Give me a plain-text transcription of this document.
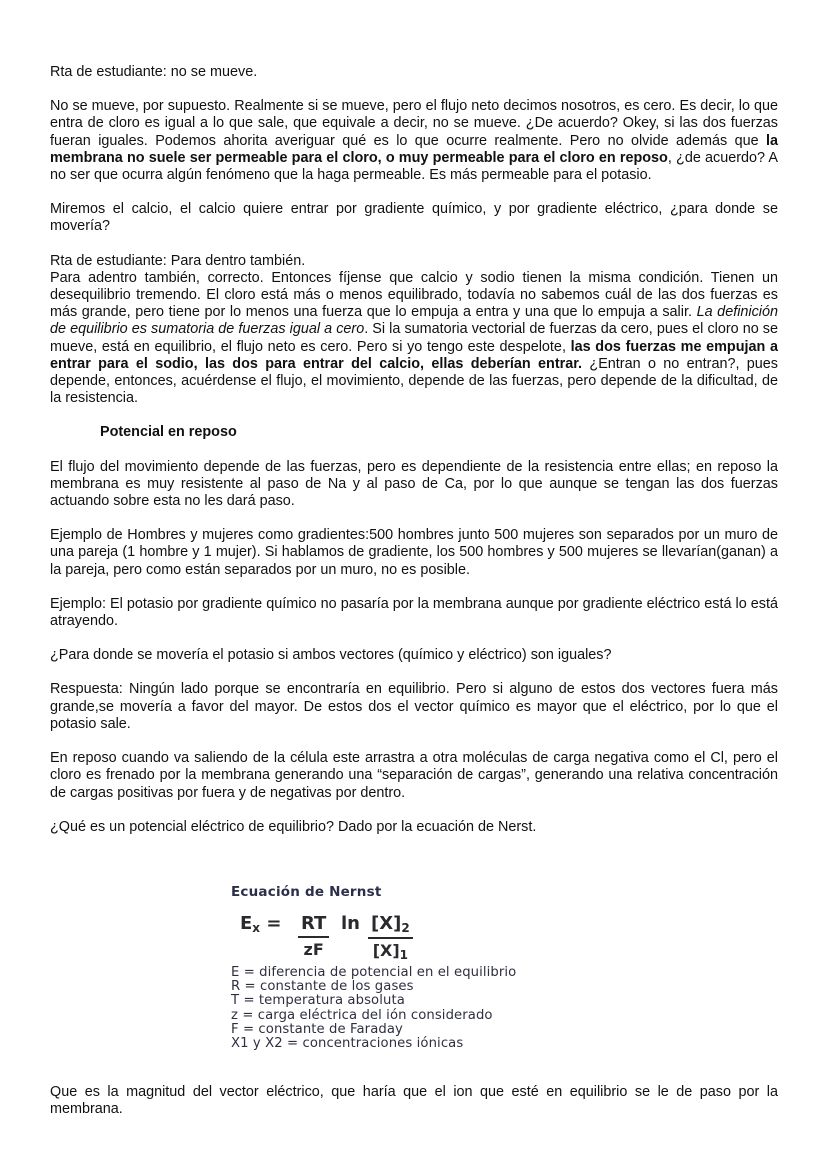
Rta de estudiante: no se mueve.

No se mueve, por supuesto. Realmente si se mueve, pero el flujo neto decimos nosotros, es cero. Es decir, lo que entra de cloro es igual a lo que sale, que equivale a decir, no se mueve. ¿De acuerdo? Okey, si las dos fuerzas fueran iguales. Podemos ahorita averiguar qué es lo que ocurre realmente. Pero no olvide además que la membrana no suele ser permeable para el cloro, o muy permeable para el cloro en reposo, ¿de acuerdo? A no ser que ocurra algún fenómeno que la haga permeable. Es más permeable para el potasio.

Miremos el calcio, el calcio quiere entrar por gradiente químico, y por gradiente eléctrico, ¿para donde se movería?

Rta de estudiante: Para dentro también.

Para adentro también, correcto. Entonces fíjense que calcio y sodio tienen la misma condición. Tienen un desequilibrio tremendo. El cloro está más o menos equilibrado, todavía no sabemos cuál de las dos fuerzas es más grande, pero tiene por lo menos una fuerza que lo empuja a entra y una que lo empuja a salir. La definición de equilibrio es sumatoria de fuerzas igual a cero. Si la sumatoria vectorial de fuerzas da cero, pues el cloro no se mueve, está en equilibrio, el flujo neto es cero. Pero si yo tengo este despelote, las dos fuerzas me empujan a entrar para el sodio, las dos para entrar del calcio, ellas deberían entrar. ¿Entran o no entran?, pues depende, entonces, acuérdense el flujo, el movimiento, depende de las fuerzas, pero depende de la dificultad, de la resistencia.

Potencial en reposo

El flujo del movimiento depende de las fuerzas, pero es dependiente de la resistencia entre ellas; en reposo la membrana es muy resistente al paso de Na y al paso de Ca, por lo que aunque se tengan las dos fuerzas actuando sobre esta no les dará paso.

Ejemplo de Hombres y mujeres como gradientes:500 hombres junto 500 mujeres son separados por un muro de una pareja (1 hombre y 1 mujer). Si hablamos de gradiente, los 500 hombres y 500 mujeres se llevarían(ganan) a la pareja, pero como están separados por un muro, no es posible.

Ejemplo: El potasio por gradiente químico no pasaría por la membrana aunque por gradiente eléctrico está lo está atrayendo.

¿Para donde se movería el potasio si ambos vectores (químico y eléctrico) son iguales?

Respuesta: Ningún lado porque se encontraría en equilibrio. Pero si alguno de estos dos vectores fuera más grande,se movería a favor del mayor. De estos dos el vector químico es mayor que el eléctrico, por lo que el potasio sale.

En reposo cuando va saliendo de la célula este arrastra a otra moléculas de carga negativa como el Cl, pero el cloro es frenado por la membrana generando una “separación de cargas”, generando una relativa concentración de cargas positivas por fuera y de negativas por dentro.

¿Qué es un potencial eléctrico de equilibrio? Dado por la ecuación de Nerst.

Ecuación de Nernst
$E_x = \frac{RT}{zF}$ $\ln \frac{[X]_2}{[X]_1}$
E = diferencia de potencial en el equilibrio
R = constante de los gases
T = temperatura absoluta
z = carga eléctrica del ión considerado
F = constante de Faraday
X1 y X2 = concentraciones iónicas

Que es la magnitud del vector eléctrico, que haría que el ion que esté en equilibrio se le de paso por la membrana.
